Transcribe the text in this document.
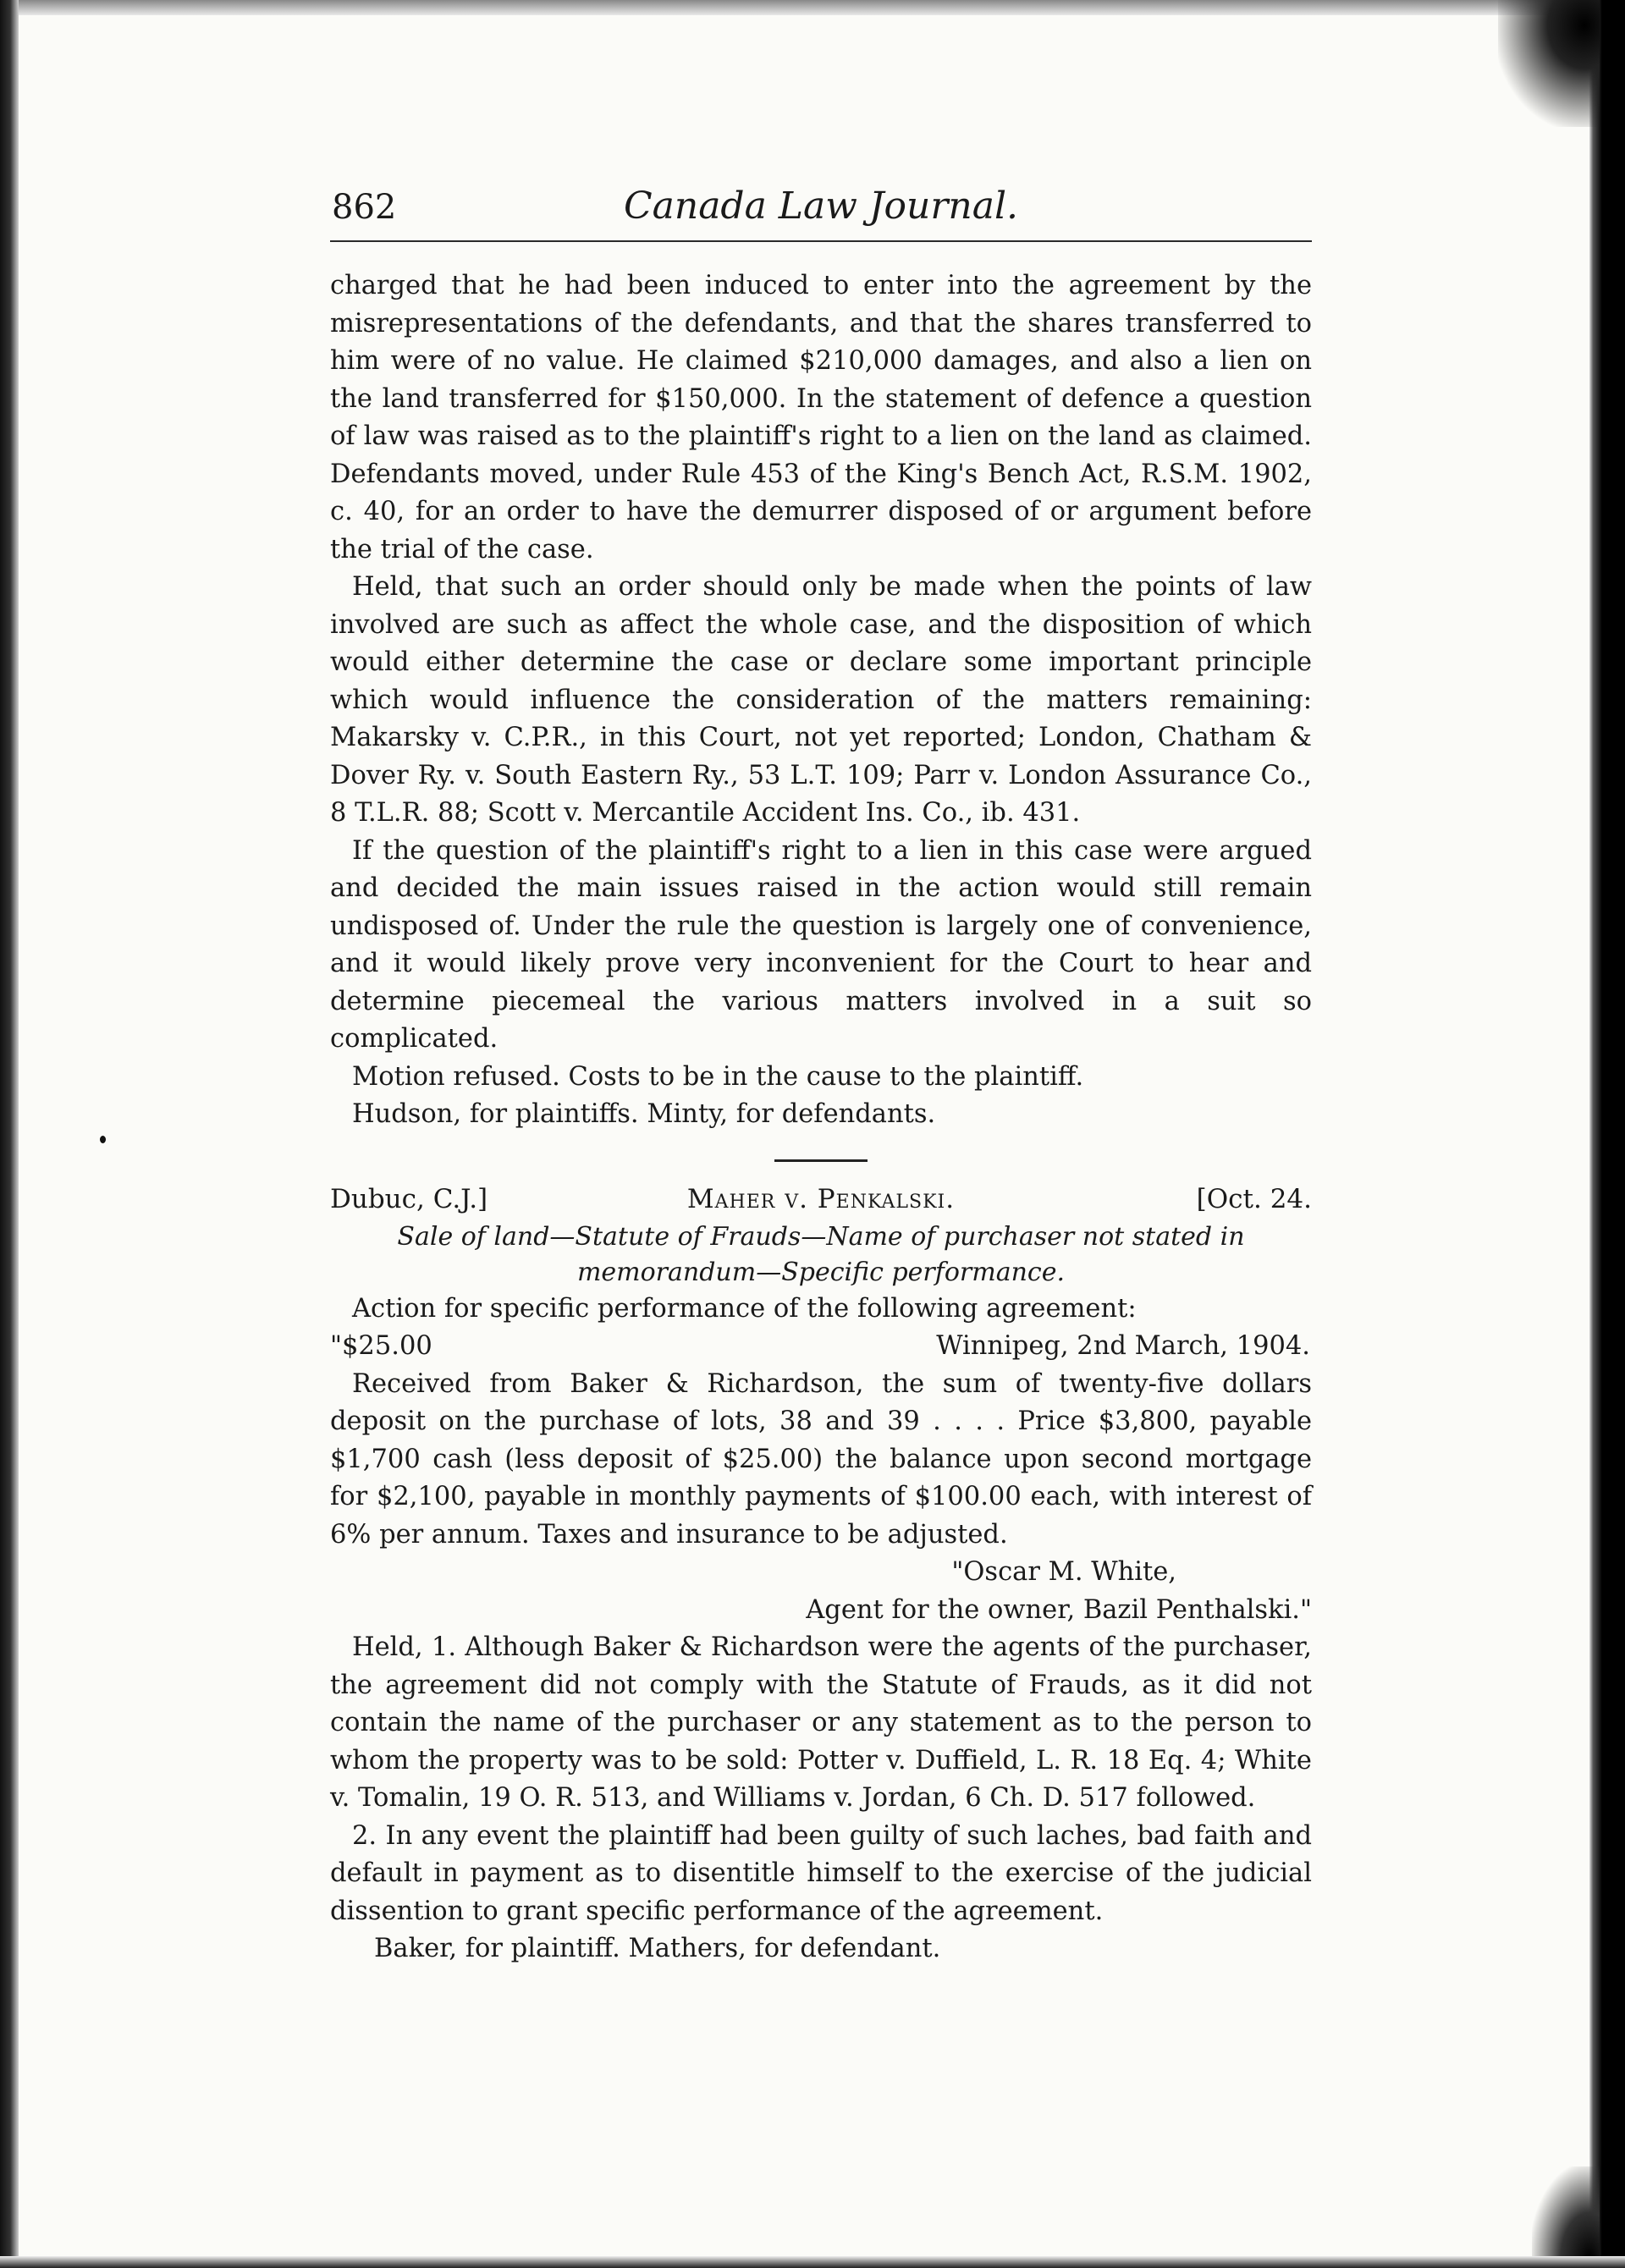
862	Canada Law Journal.

charged that he had been induced to enter into the agreement by the misrepresentations of the defendants, and that the shares transferred to him were of no value. He claimed $210,000 damages, and also a lien on the land transferred for $150,000. In the statement of defence a question of law was raised as to the plaintiff's right to a lien on the land as claimed. Defendants moved, under Rule 453 of the King's Bench Act, R.S.M. 1902, c. 40, for an order to have the demurrer disposed of or argument before the trial of the case.

Held, that such an order should only be made when the points of law involved are such as affect the whole case, and the disposition of which would either determine the case or declare some important principle which would influence the consideration of the matters remaining: Makarsky v. C.P.R., in this Court, not yet reported; London, Chatham & Dover Ry. v. South Eastern Ry., 53 L.T. 109; Parr v. London Assurance Co., 8 T.L.R. 88; Scott v. Mercantile Accident Ins. Co., ib. 431.

If the question of the plaintiff's right to a lien in this case were argued and decided the main issues raised in the action would still remain undisposed of. Under the rule the question is largely one of convenience, and it would likely prove very inconvenient for the Court to hear and determine piecemeal the various matters involved in a suit so complicated.

Motion refused. Costs to be in the cause to the plaintiff.

Hudson, for plaintiffs. Minty, for defendants.

Dubuc, C.J.]	Maher v. Penkalski.	[Oct. 24.

Sale of land—Statute of Frauds—Name of purchaser not stated in memorandum—Specific performance.

Action for specific performance of the following agreement:

"$25.00	Winnipeg, 2nd March, 1904.

Received from Baker & Richardson, the sum of twenty-five dollars deposit on the purchase of lots, 38 and 39 . . . . Price $3,800, payable $1,700 cash (less deposit of $25.00) the balance upon second mortgage for $2,100, payable in monthly payments of $100.00 each, with interest of 6% per annum. Taxes and insurance to be adjusted.

"Oscar M. White,

Agent for the owner, Bazil Penthalski."

Held, 1. Although Baker & Richardson were the agents of the purchaser, the agreement did not comply with the Statute of Frauds, as it did not contain the name of the purchaser or any statement as to the person to whom the property was to be sold: Potter v. Duffield, L. R. 18 Eq. 4; White v. Tomalin, 19 O. R. 513, and Williams v. Jordan, 6 Ch. D. 517 followed.

2. In any event the plaintiff had been guilty of such laches, bad faith and default in payment as to disentitle himself to the exercise of the judicial dissention to grant specific performance of the agreement.

Baker, for plaintiff. Mathers, for defendant.
